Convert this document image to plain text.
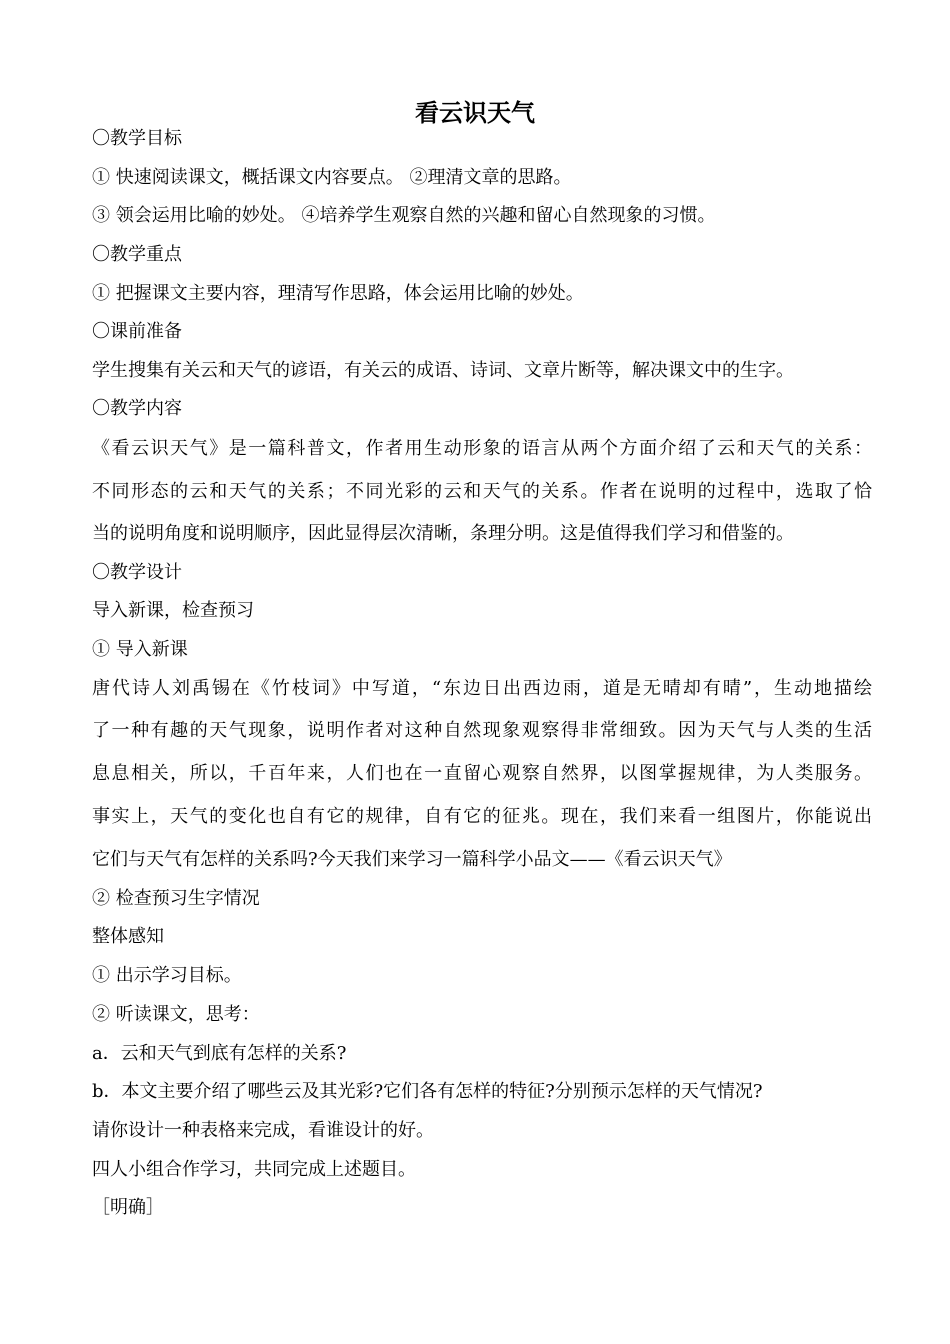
看云识天气
〇教学目标
① 快速阅读课文，概括课文内容要点。 ②理清文章的思路。
③ 领会运用比喻的妙处。 ④培养学生观察自然的兴趣和留心自然现象的习惯。
〇教学重点
① 把握课文主要内容，理清写作思路，体会运用比喻的妙处。
〇课前准备
学生搜集有关云和天气的谚语，有关云的成语、诗词、文章片断等，解决课文中的生字。
〇教学内容
《看云识天气》是一篇科普文，作者用生动形象的语言从两个方面介绍了云和天气的关系：
不同形态的云和天气的关系；不同光彩的云和天气的关系。作者在说明的过程中，选取了恰
当的说明角度和说明顺序，因此显得层次清晰，条理分明。这是值得我们学习和借鉴的。
〇教学设计
导入新课，检查预习
① 导入新课
唐代诗人刘禹锡在《竹枝词》中写道，“东边日出西边雨，道是无晴却有晴”，生动地描绘
了一种有趣的天气现象，说明作者对这种自然现象观察得非常细致。因为天气与人类的生活
息息相关，所以，千百年来，人们也在一直留心观察自然界，以图掌握规律，为人类服务。
事实上，天气的变化也自有它的规律，自有它的征兆。现在，我们来看一组图片，你能说出
它们与天气有怎样的关系吗?今天我们来学习一篇科学小品文——《看云识天气》
② 检查预习生字情况
整体感知
① 出示学习目标。
② 听读课文，思考：
a．云和天气到底有怎样的关系?
b．本文主要介绍了哪些云及其光彩?它们各有怎样的特征?分别预示怎样的天气情况?
请你设计一种表格来完成，看谁设计的好。
四人小组合作学习，共同完成上述题目。
［明确］
